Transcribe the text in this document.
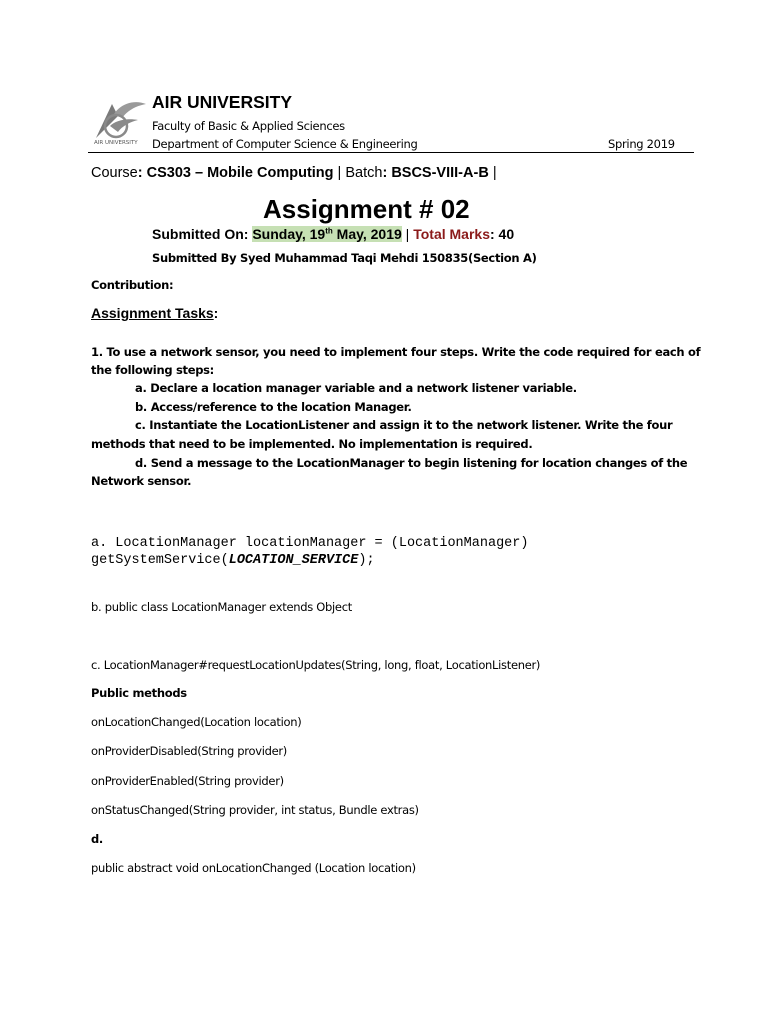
AIR UNIVERSITY
AIR UNIVERSITY
Faculty of Basic & Applied Sciences
Department of Computer Science & Engineering	Spring 2019
Course: CS303 – Mobile Computing | Batch: BSCS-VIII-A-B |
Assignment # 02
Submitted On: Sunday, 19th May, 2019 | Total Marks: 40
Submitted By Syed Muhammad Taqi Mehdi 150835(Section A)
Contribution:
Assignment Tasks:
1. To use a network sensor, you need to implement four steps. Write the code required for each of
the following steps:
a. Declare a location manager variable and a network listener variable.
b. Access/reference to the location Manager.
c. Instantiate the LocationListener and assign it to the network listener. Write the four
methods that need to be implemented. No implementation is required.
d. Send a message to the LocationManager to begin listening for location changes of the
Network sensor.
a. LocationManager locationManager = (LocationManager)
getSystemService(LOCATION_SERVICE);
b. public class LocationManager extends Object
c. LocationManager#requestLocationUpdates(String, long, float, LocationListener)
Public methods
onLocationChanged(Location location)
onProviderDisabled(String provider)
onProviderEnabled(String provider)
onStatusChanged(String provider, int status, Bundle extras)
d.
public abstract void onLocationChanged (Location location)
